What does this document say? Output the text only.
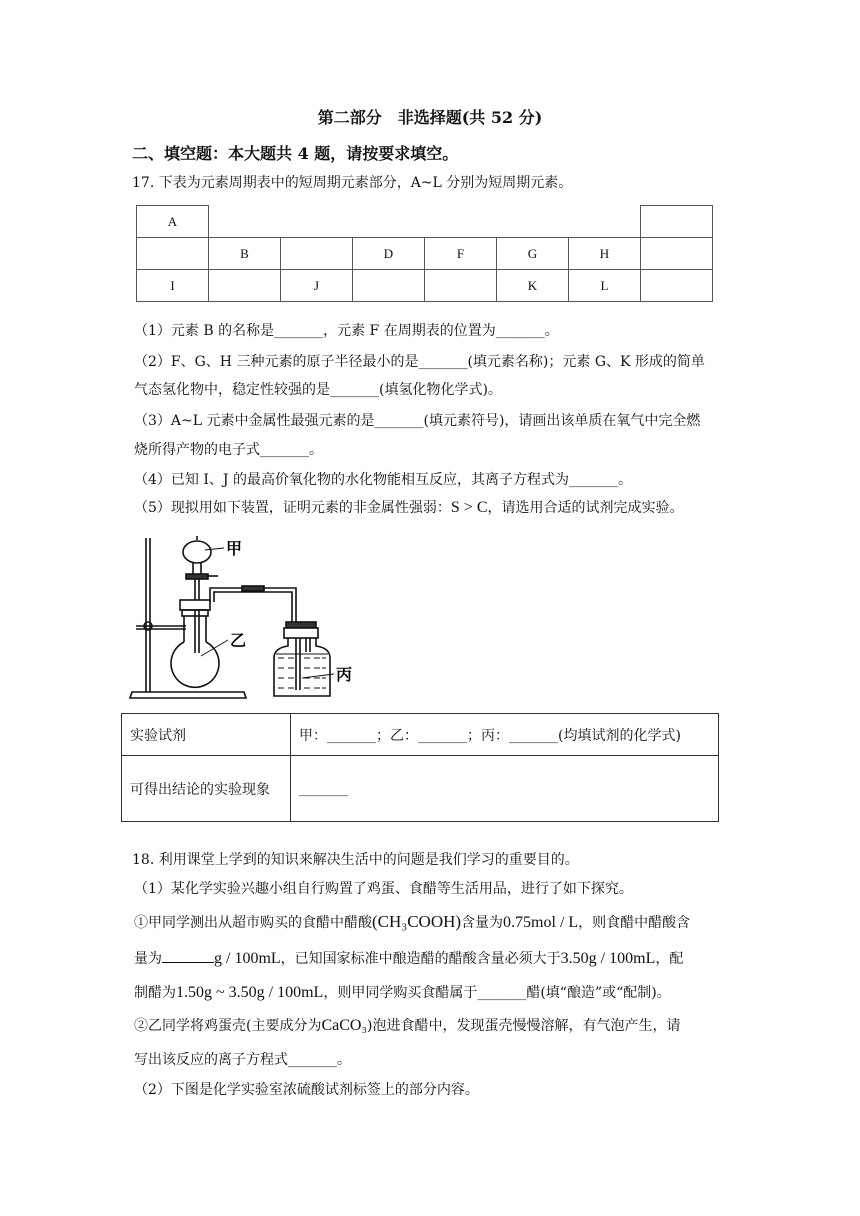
第二部分　非选择题(共 52 分)
二、填空题：本大题共 4 题，请按要求填空。
17. 下表为元素周期表中的短周期元素部分，A~L 分别为短周期元素。
A							
	B		D	F	G	H	
I		J			K	L	
（1）元素 B 的名称是_______，元素 F 在周期表的位置为_______。
（2）F、G、H 三种元素的原子半径最小的是_______(填元素名称)；元素 G、K 形成的简单
气态氢化物中，稳定性较强的是_______(填氢化物化学式)。
（3）A~L 元素中金属性最强元素的是_______(填元素符号)，请画出该单质在氧气中完全燃
烧所得产物的电子式_______。
（4）已知 I、J 的最高价氧化物的水化物能相互反应，其离子方程式为_______。
（5）现拟用如下装置，证明元素的非金属性强弱：S > C，请选用合适的试剂完成实验。
甲
乙
丙
实验试剂	甲：_______；乙：_______；丙：_______(均填试剂的化学式)
可得出结论的实验现象	_______
18. 利用课堂上学到的知识来解决生活中的问题是我们学习的重要目的。
（1）某化学实验兴趣小组自行购置了鸡蛋、食醋等生活用品，进行了如下探究。
①甲同学测出从超市购买的食醋中醋酸(CH₃COOH)含量为0.75mol / L，则食醋中醋酸含
量为	g / 100mL，已知国家标准中酿造醋的醋酸含量必须大于3.50g / 100mL，配
制醋为1.50g ~ 3.50g / 100mL，则甲同学购买食醋属于_______醋(填“酿造”或“配制)。
②乙同学将鸡蛋壳(主要成分为CaCO₃)泡进食醋中，发现蛋壳慢慢溶解，有气泡产生，请
写出该反应的离子方程式_______。
（2）下图是化学实验室浓硫酸试剂标签上的部分内容。
